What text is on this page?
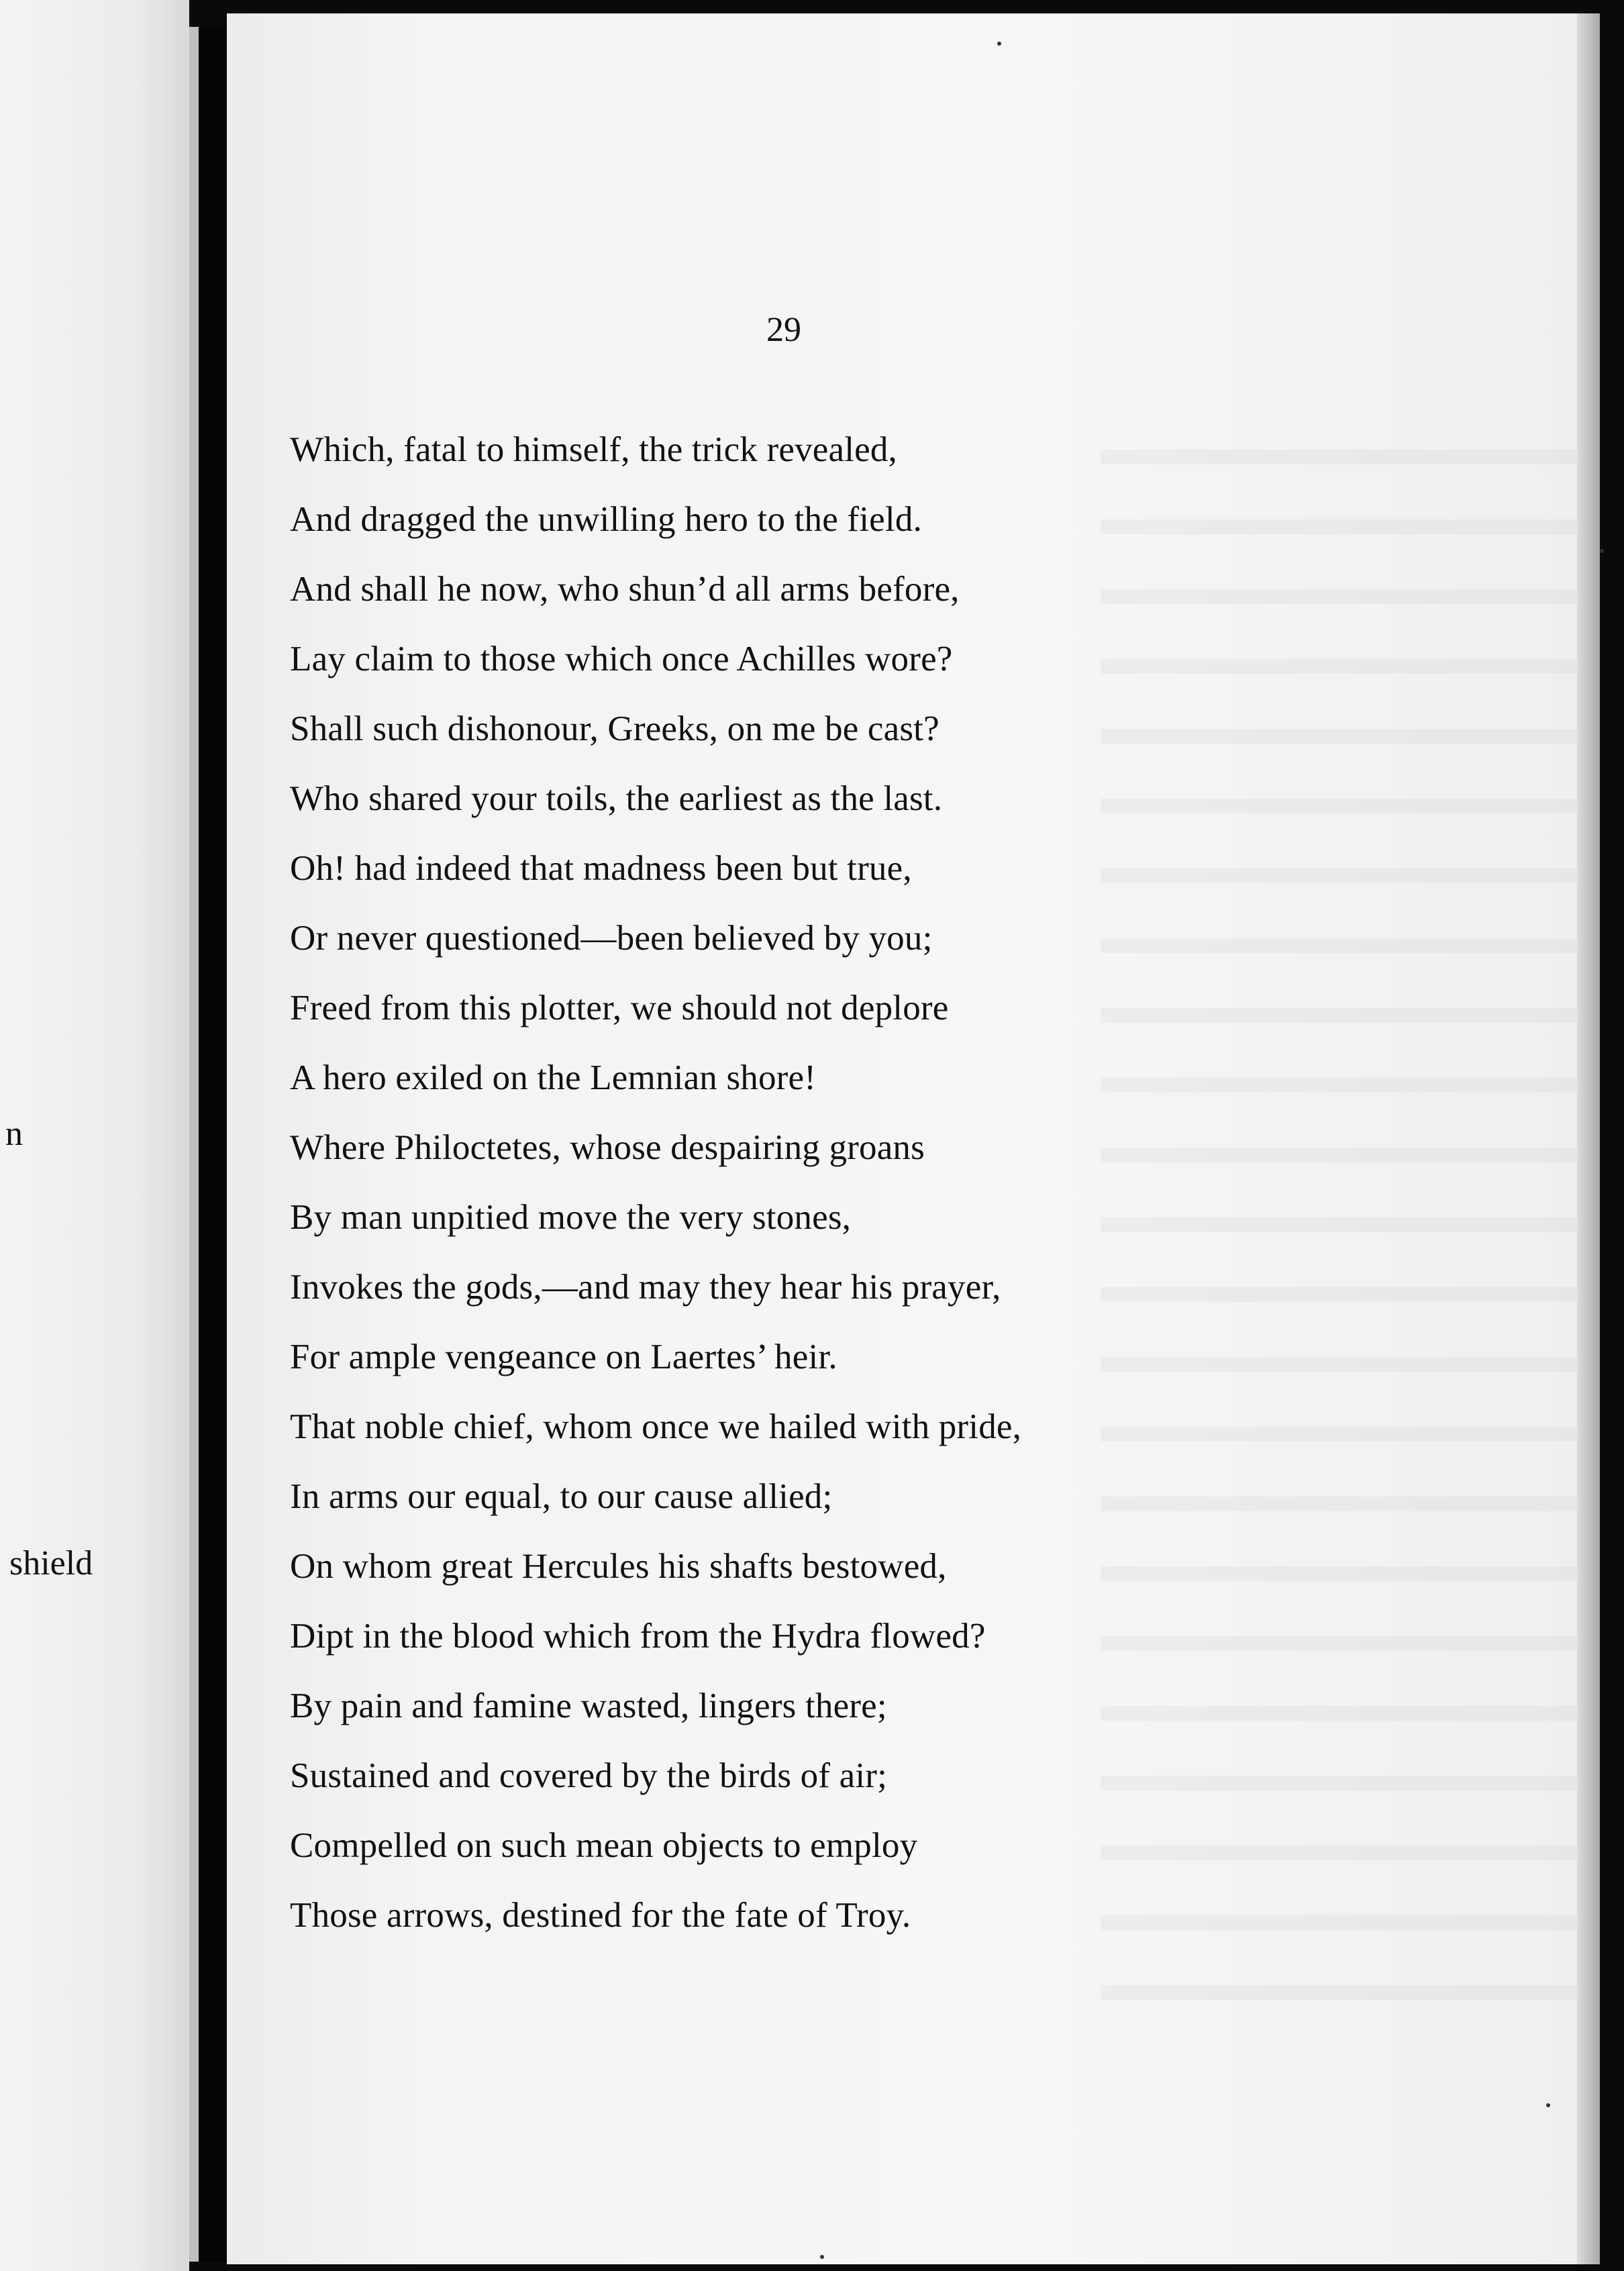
n
shield
29
Which, fatal to himself, the trick revealed,
And dragged the unwilling hero to the field.
And shall he now, who shun’d all arms before,
Lay claim to those which once Achilles wore?
Shall such dishonour, Greeks, on me be cast?
Who shared your toils, the earliest as the last.
Oh! had indeed that madness been but true,
Or never questioned—been believed by you;
Freed from this plotter, we should not deplore
A hero exiled on the Lemnian shore!
Where Philoctetes, whose despairing groans
By man unpitied move the very stones,
Invokes the gods,—and may they hear his prayer,
For ample vengeance on Laertes’ heir.
That noble chief, whom once we hailed with pride,
In arms our equal, to our cause allied;
On whom great Hercules his shafts bestowed,
Dipt in the blood which from the Hydra flowed?
By pain and famine wasted, lingers there;
Sustained and covered by the birds of air;
Compelled on such mean objects to employ
Those arrows, destined for the fate of Troy.
